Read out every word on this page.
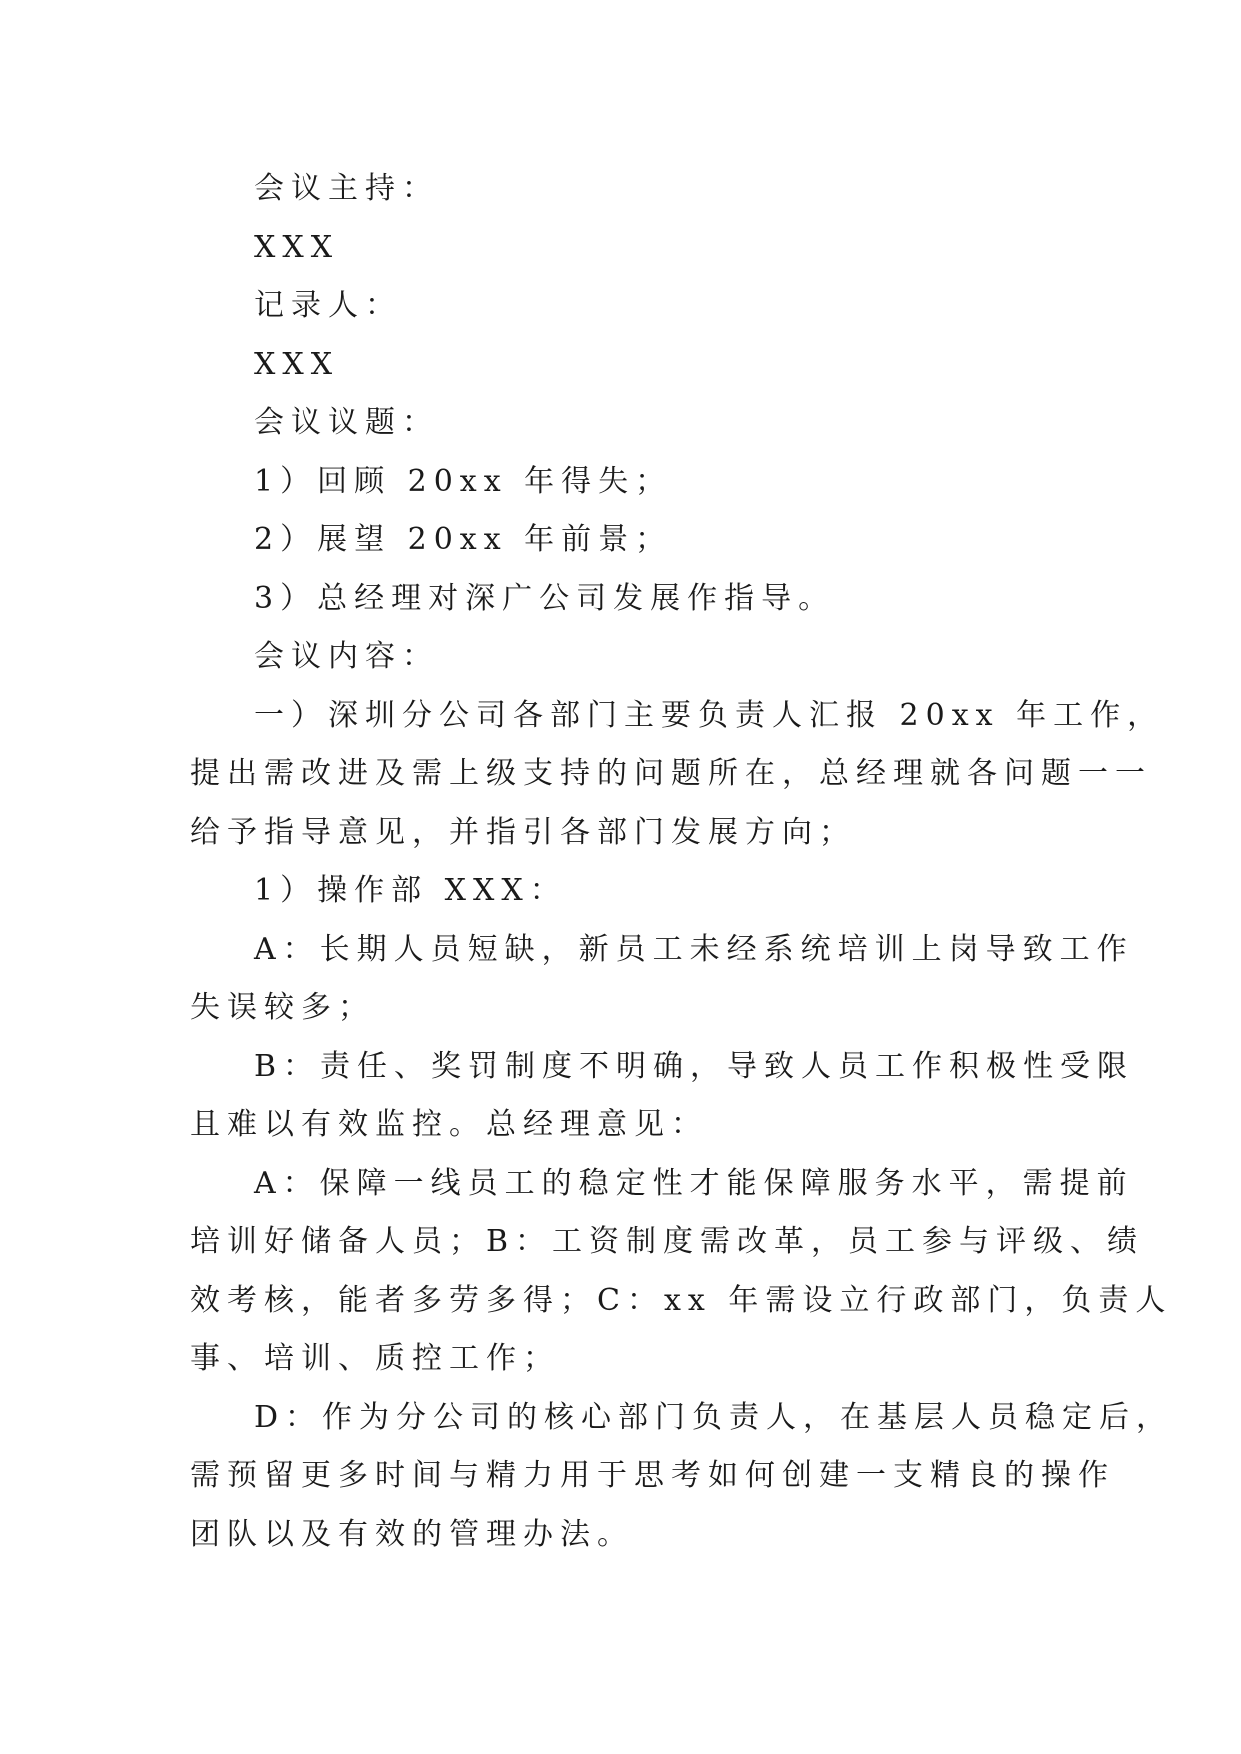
会议主持：
XXX
记录人：
XXX
会议议题：
1）回顾 20xx 年得失；
2）展望 20xx 年前景；
3）总经理对深广公司发展作指导。
会议内容：
一）深圳分公司各部门主要负责人汇报 20xx 年工作，
提出需改进及需上级支持的问题所在，总经理就各问题一一
给予指导意见，并指引各部门发展方向；
1）操作部 XXX：
A：长期人员短缺，新员工未经系统培训上岗导致工作
失误较多；
B：责任、奖罚制度不明确，导致人员工作积极性受限
且难以有效监控。总经理意见：
A：保障一线员工的稳定性才能保障服务水平，需提前
培训好储备人员；B：工资制度需改革，员工参与评级、绩
效考核，能者多劳多得；C：xx 年需设立行政部门，负责人
事、培训、质控工作；
D：作为分公司的核心部门负责人，在基层人员稳定后，
需预留更多时间与精力用于思考如何创建一支精良的操作
团队以及有效的管理办法。
